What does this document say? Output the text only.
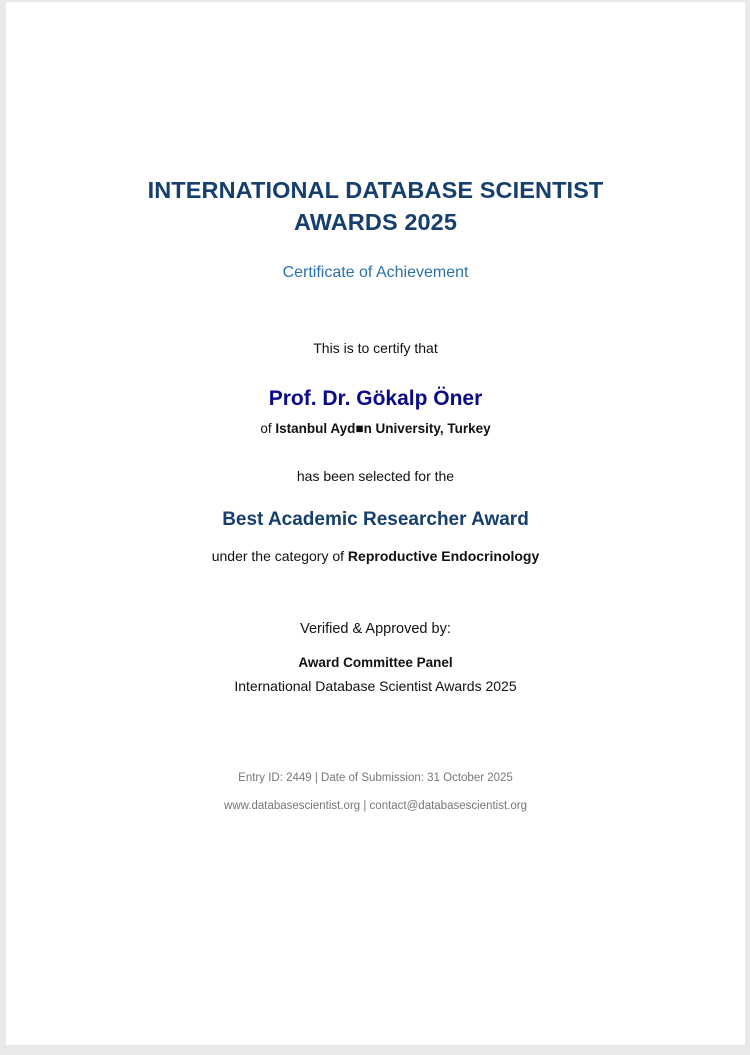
INTERNATIONAL DATABASE SCIENTIST
AWARDS 2025
Certificate of Achievement
This is to certify that
Prof. Dr. Gökalp Öner
of Istanbul Ayd■n University, Turkey
has been selected for the
Best Academic Researcher Award
under the category of Reproductive Endocrinology
Verified & Approved by:
Award Committee Panel
International Database Scientist Awards 2025
Entry ID: 2449 | Date of Submission: 31 October 2025
www.databasescientist.org | contact@databasescientist.org
